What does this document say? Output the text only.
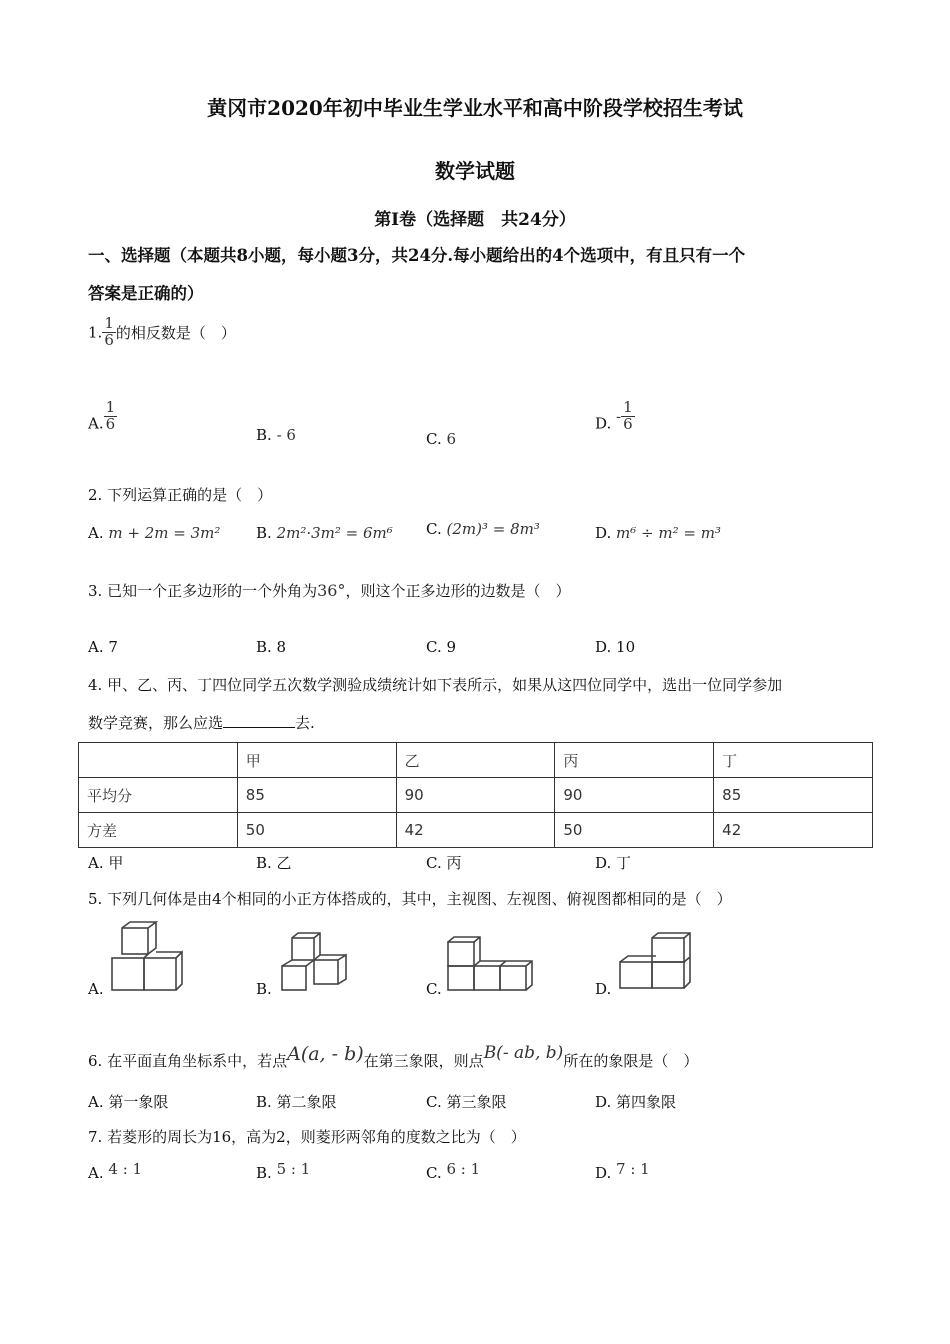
黄冈市2020年初中毕业生学业水平和高中阶段学校招生考试
数学试题
第Ⅰ卷（选择题　共24分）
一、选择题（本题共8小题，每小题3分，共24分.每小题给出的4个选项中，有且只有一个
答案是正确的）
1. $\frac{1}{6}$ 的相反数是（　）
A. $\frac{1}{6}$
B. - 6	C. 6
D. - $\frac{1}{6}$
2. 下列运算正确的是（　）
A. m + 2m = 3m² B. 2m²·3m² = 6m⁶ C. (2m)³ = 8m³	D. m⁶ ÷ m² = m³
3. 已知一个正多边形的一个外角为36°，则这个正多边形的边数是（　）
A. 7	B. 8	C. 9	D. 10
4. 甲、乙、丙、丁四位同学五次数学测验成绩统计如下表所示，如果从这四位同学中，选出一位同学参加
数学竞赛，那么应选	去.
	甲	乙	丙	丁
平均分	85	90	90	85
方差	50	42	50	42
A. 甲	B. 乙	C. 丙	D. 丁
5. 下列几何体是由4个相同的小正方体搭成的，其中，主视图、左视图、俯视图都相同的是（　）
A.	B.	C.	D.
6. 在平面直角坐标系中，若点A(a, - b)在第三象限，则点B(- ab, b)所在的象限是（　）
A. 第一象限	B. 第二象限	C. 第三象限	D. 第四象限
7. 若菱形的周长为16，高为2，则菱形两邻角的度数之比为（　）
A. 4 : 1	B. 5 : 1	C. 6 : 1	D. 7 : 1
